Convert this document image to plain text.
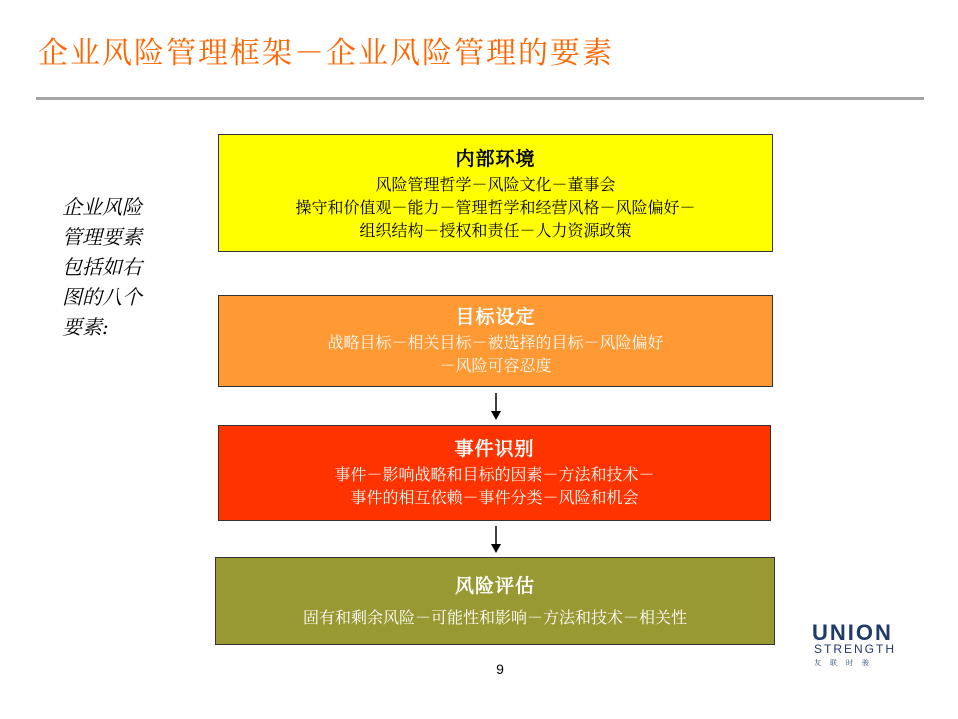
企业风险管理框架－企业风险管理的要素
企业风险
管理要素
包括如右
图的八个
要素:
内部环境
风险管理哲学－风险文化－董事会
操守和价值观－能力－管理哲学和经营风格－风险偏好－
组织结构－授权和责任－人力资源政策
目标设定
战略目标－相关目标－被选择的目标－风险偏好
－风险可容忍度
事件识别
事件－影响战略和目标的因素－方法和技术－
事件的相互依赖－事件分类－风险和机会
风险评估
固有和剩余风险－可能性和影响－方法和技术－相关性
9
UNION
STRENGTH
友联时骏
